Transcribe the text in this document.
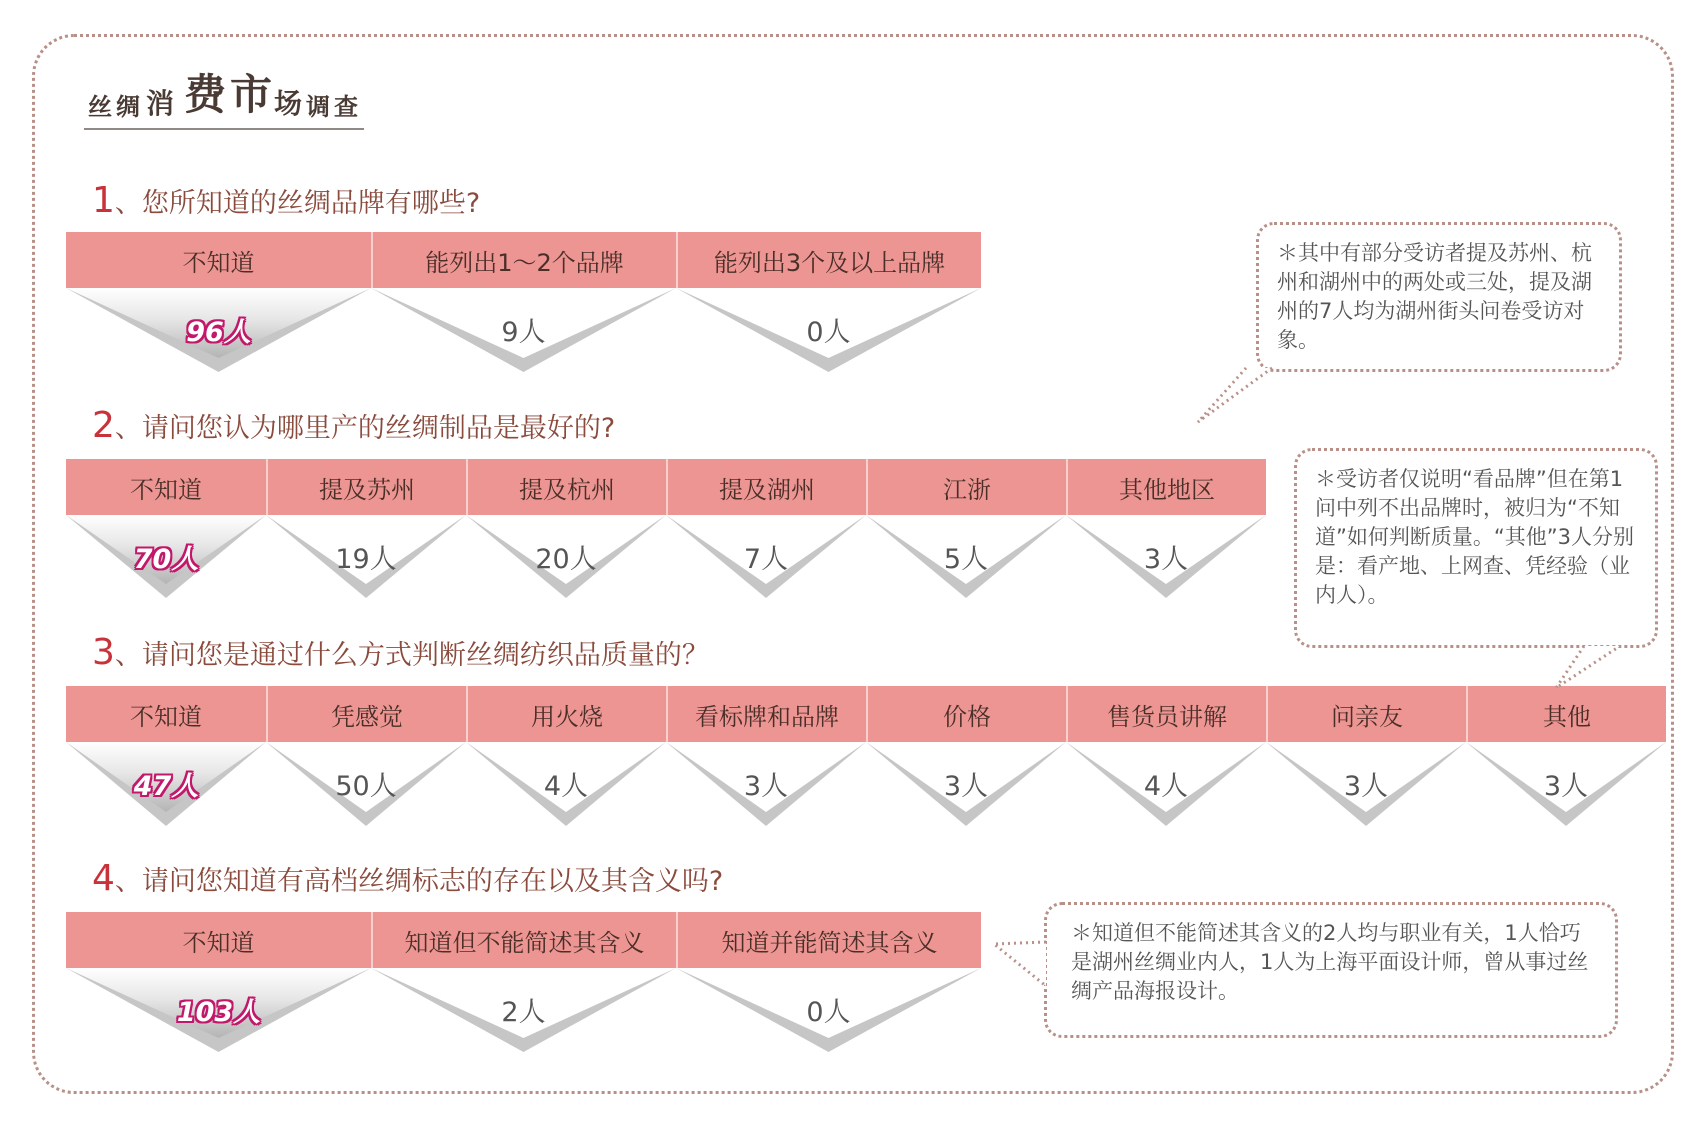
丝 绸 消 费 市 场 调 查
1、您所知道的丝绸品牌有哪些?
不知道
96人
能列出1～2个品牌
9人
能列出3个及以上品牌
0人
2、请问您认为哪里产的丝绸制品是最好的?
不知道
70人
提及苏州
19人
提及杭州
20人
提及湖州
7人
江浙
5人
其他地区
3人
3、请问您是通过什么方式判断丝绸纺织品质量的？
不知道
47人
凭感觉
50人
用火烧
4人
看标牌和品牌
3人
价格
3人
售货员讲解
4人
问亲友
3人
其他
3人
4、请问您知道有高档丝绸标志的存在以及其含义吗?
不知道
103人
知道但不能简述其含义
2人
知道并能简述其含义
0人
＊其中有部分受访者提及苏州、杭州和湖州中的两处或三处，提及湖州的7人均为湖州街头问卷受访对象。
＊受访者仅说明“看品牌”但在第1问中列不出品牌时，被归为“不知道”如何判断质量。“其他”3人分别是：看产地、上网查、凭经验（业内人）。
＊知道但不能简述其含义的2人均与职业有关，1人恰巧是湖州丝绸业内人，1人为上海平面设计师，曾从事过丝绸产品海报设计。
